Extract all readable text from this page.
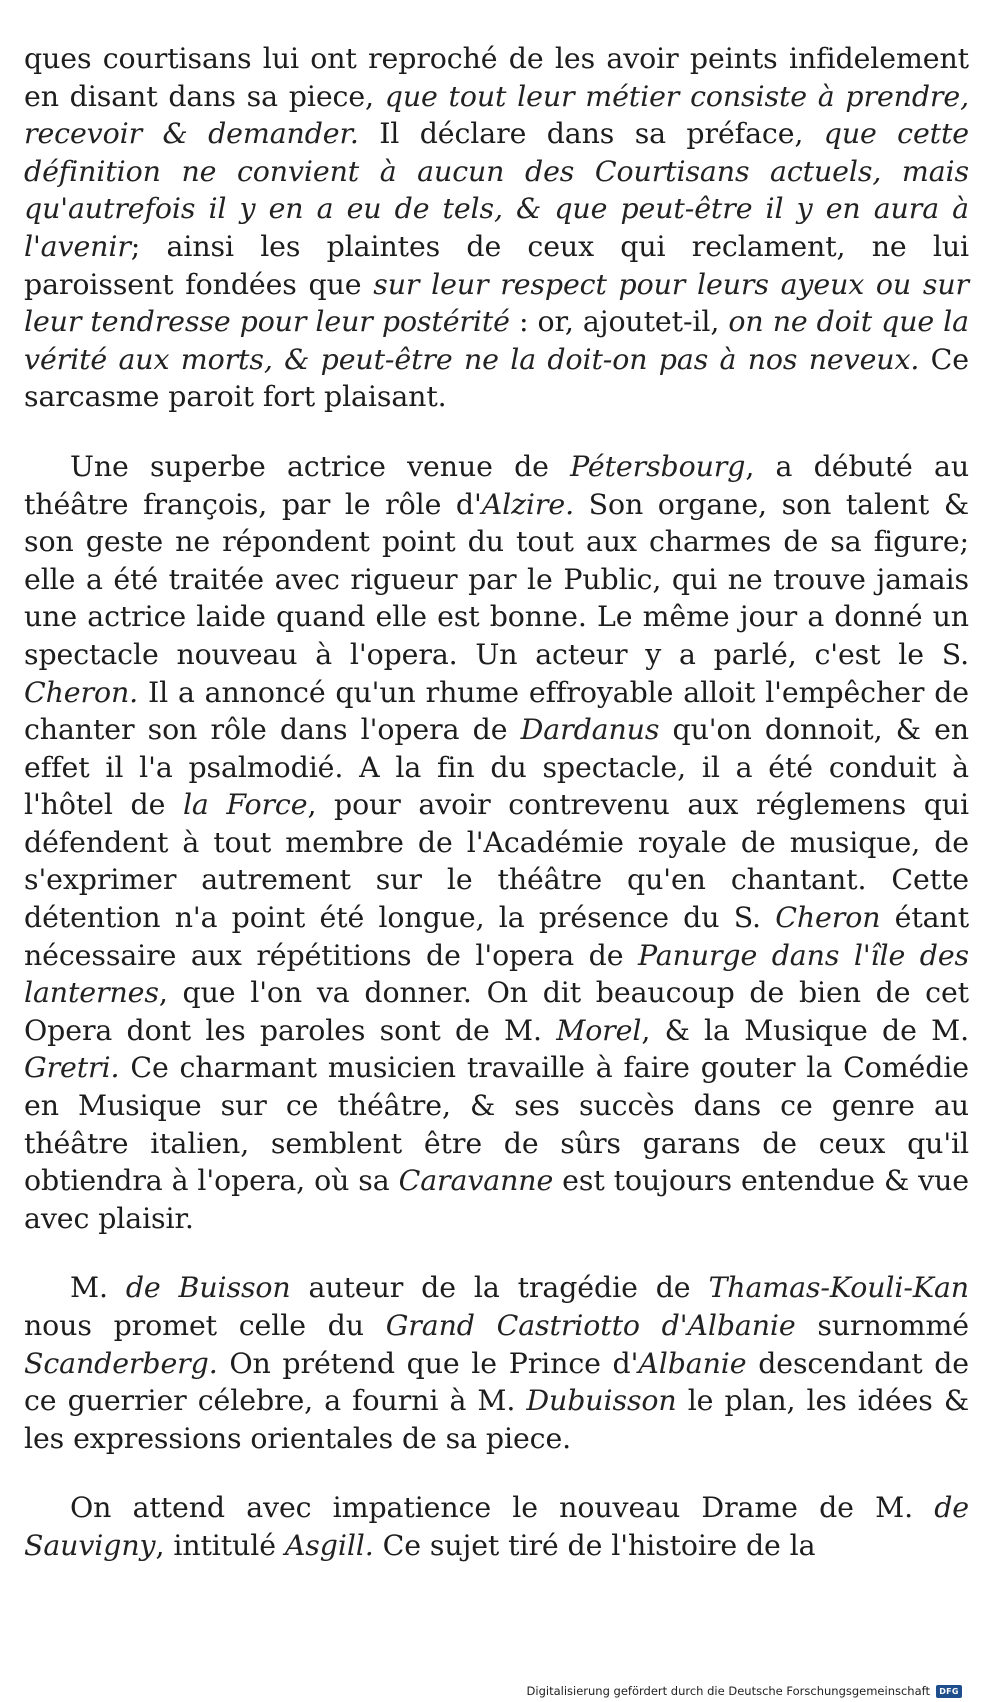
ques courtisans lui ont reproché de les avoir peints infidelement en disant dans sa piece, que tout leur métier consiste à prendre, recevoir & demander. Il déclare dans sa préface, que cette définition ne convient à aucun des Courtisans actuels, mais qu'autrefois il y en a eu de tels, & que peut-être il y en aura à l'avenir; ainsi les plaintes de ceux qui reclament, ne lui paroissent fondées que sur leur respect pour leurs ayeux ou sur leur tendresse pour leur postérité : or, ajoutet-il, on ne doit que la vérité aux morts, & peut-être ne la doit-on pas à nos neveux. Ce sarcasme paroit fort plaisant.

Une superbe actrice venue de Pétersbourg, a débuté au théâtre françois, par le rôle d'Alzire. Son organe, son talent & son geste ne répondent point du tout aux charmes de sa figure; elle a été traitée avec rigueur par le Public, qui ne trouve jamais une actrice laide quand elle est bonne. Le même jour a donné un spectacle nouveau à l'opera. Un acteur y a parlé, c'est le S. Cheron. Il a annoncé qu'un rhume effroyable alloit l'empêcher de chanter son rôle dans l'opera de Dardanus qu'on donnoit, & en effet il l'a psalmodié. A la fin du spectacle, il a été conduit à l'hôtel de la Force, pour avoir contrevenu aux réglemens qui défendent à tout membre de l'Académie royale de musique, de s'exprimer autrement sur le théâtre qu'en chantant. Cette détention n'a point été longue, la présence du S. Cheron étant nécessaire aux répétitions de l'opera de Panurge dans l'île des lanternes, que l'on va donner. On dit beaucoup de bien de cet Opera dont les paroles sont de M. Morel, & la Musique de M. Gretri. Ce charmant musicien travaille à faire gouter la Comédie en Musique sur ce théâtre, & ses succès dans ce genre au théâtre italien, semblent être de sûrs garans de ceux qu'il obtiendra à l'opera, où sa Caravanne est toujours entendue & vue avec plaisir.

M. de Buisson auteur de la tragédie de Thamas-Kouli-Kan nous promet celle du Grand Castriotto d'Albanie surnommé Scanderberg. On prétend que le Prince d'Albanie descendant de ce guerrier célebre, a fourni à M. Dubuisson le plan, les idées & les expressions orientales de sa piece.

On attend avec impatience le nouveau Drame de M. de Sauvigny, intitulé Asgill. Ce sujet tiré de l'histoire de la

Digitalisierung gefördert durch die Deutsche Forschungsgemeinschaft	DFG
